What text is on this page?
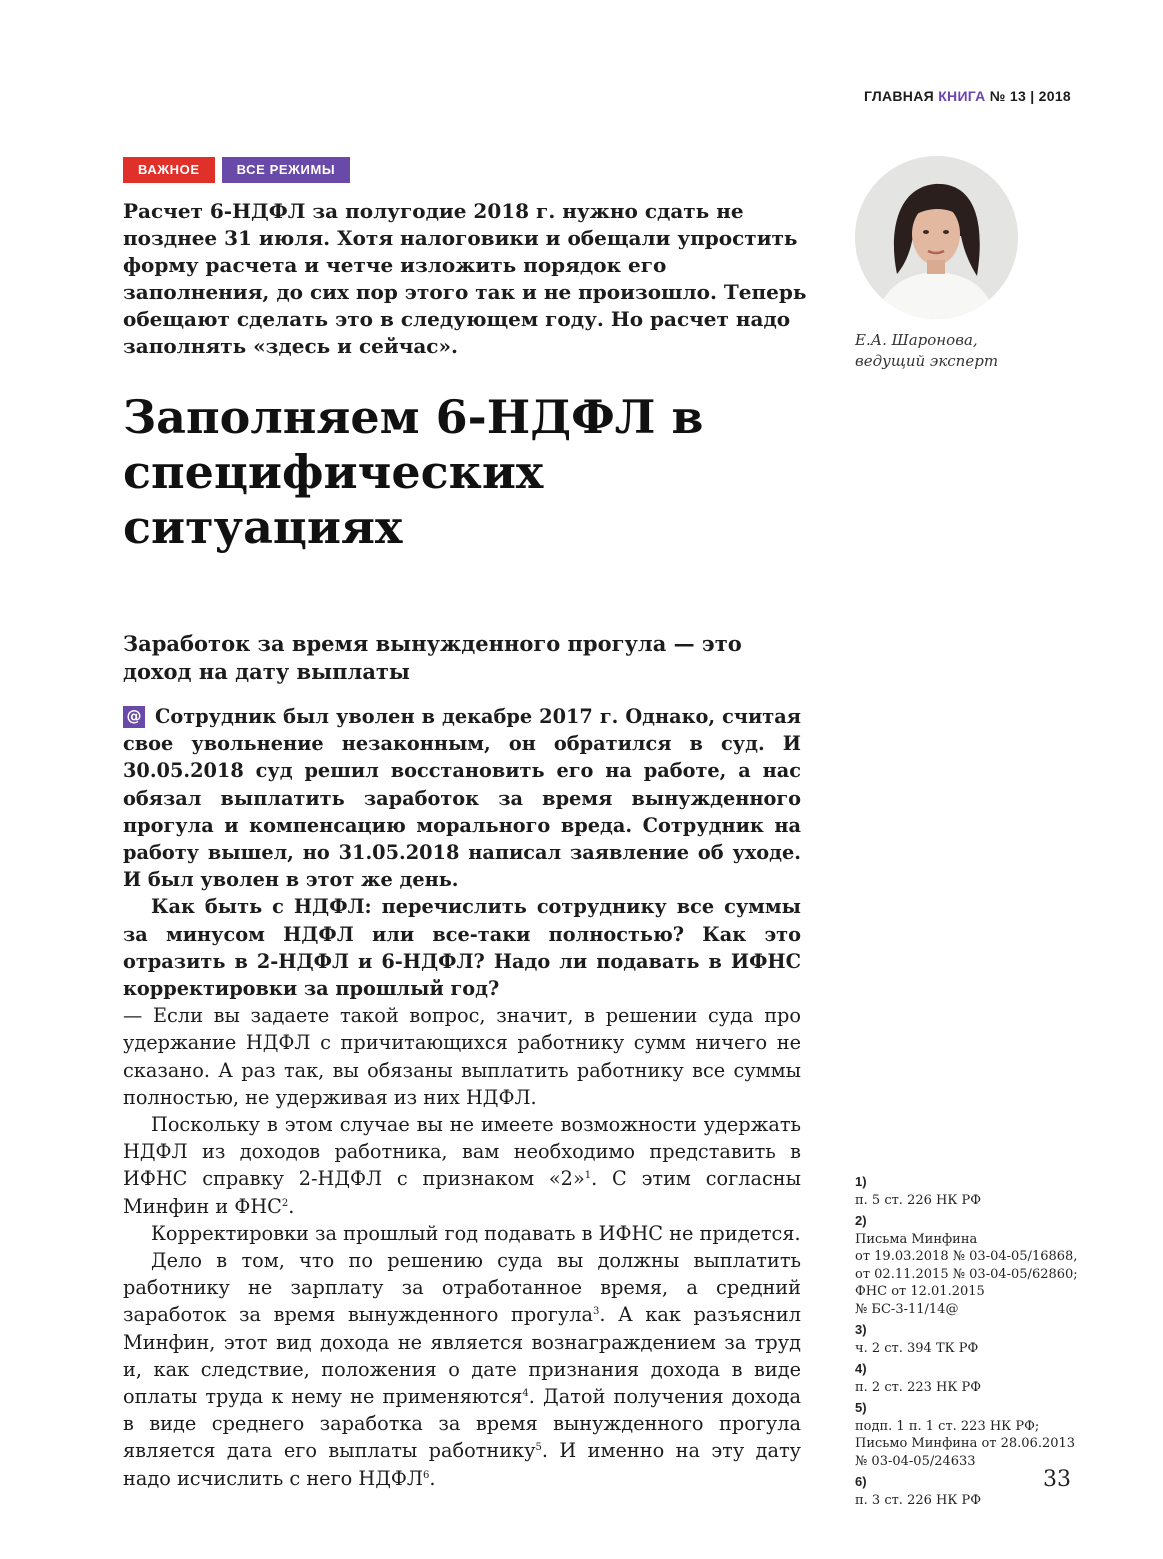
ГЛАВНАЯ КНИГА № 13 | 2018
ВАЖНОЕ	ВСЕ РЕЖИМЫ

Расчет 6-НДФЛ за полугодие 2018 г. нужно сдать не позднее 31 июля. Хотя налоговики и обещали упростить форму расчета и четче изложить порядок его заполнения, до сих пор этого так и не произошло. Теперь обещают сделать это в следующем году. Но расчет надо заполнять «здесь и сейчас».

Заполняем 6-НДФЛ в специфических ситуациях
Е.А. Шаронова,
ведущий эксперт
Заработок за время вынужденного прогула — это доход на дату выплаты

@ Сотрудник был уволен в декабре 2017 г. Однако, считая свое увольнение незаконным, он обратился в суд. И 30.05.2018 суд решил восстановить его на работе, а нас обязал выплатить заработок за время вынужденного прогула и компенсацию морального вреда. Сотрудник на работу вышел, но 31.05.2018 написал заявление об уходе. И был уволен в этот же день.

Как быть с НДФЛ: перечислить сотруднику все суммы за минусом НДФЛ или все-таки полностью? Как это отразить в 2-НДФЛ и 6-НДФЛ? Надо ли подавать в ИФНС корректировки за прошлый год?

— Если вы задаете такой вопрос, значит, в решении суда про удержание НДФЛ с причитающихся работнику сумм ничего не сказано. А раз так, вы обязаны выплатить работнику все суммы полностью, не удерживая из них НДФЛ.

Поскольку в этом случае вы не имеете возможности удержать НДФЛ из доходов работника, вам необходимо представить в ИФНС справку 2-НДФЛ с признаком «2»$^1$. С этим согласны Минфин и ФНС$^2$.

Корректировки за прошлый год подавать в ИФНС не придется.

Дело в том, что по решению суда вы должны выплатить работнику не зарплату за отработанное время, а средний заработок за время вынужденного прогула$^3$. А как разъяснил Минфин, этот вид дохода не является вознаграждением за труд и, как следствие, положения о дате признания дохода в виде оплаты труда к нему не применяются$^4$. Датой получения дохода в виде среднего заработка за время вынужденного прогула является дата его выплаты работнику$^5$. И именно на эту дату надо исчислить с него НДФЛ$^6$.

1)
п. 5 ст. 226 НК РФ
2)
Письма Минфина
от 19.03.2018 № 03-04-05/16868,
от 02.11.2015 № 03-04-05/62860;
ФНС от 12.01.2015
№ БС-3-11/14@
3)
ч. 2 ст. 394 ТК РФ
4)
п. 2 ст. 223 НК РФ
5)
подп. 1 п. 1 ст. 223 НК РФ;
Письмо Минфина от 28.06.2013
№ 03-04-05/24633
6)
п. 3 ст. 226 НК РФ
33
